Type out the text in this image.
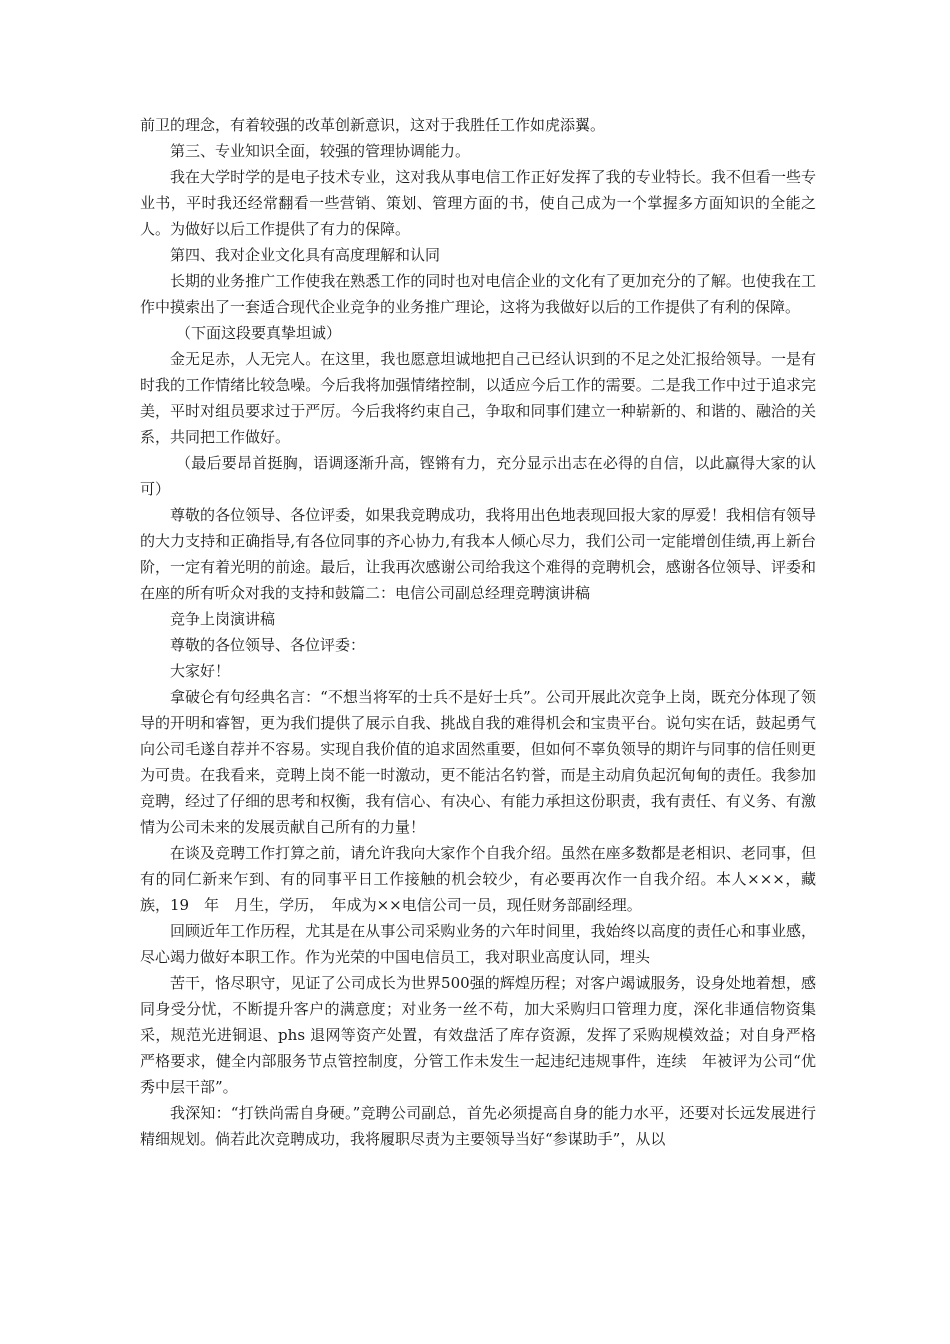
前卫的理念，有着较强的改革创新意识，这对于我胜任工作如虎添翼。

第三、专业知识全面，较强的管理协调能力。

我在大学时学的是电子技术专业，这对我从事电信工作正好发挥了我的专业特长。我不但看一些专业书，平时我还经常翻看一些营销、策划、管理方面的书，使自己成为一个掌握多方面知识的全能之人。为做好以后工作提供了有力的保障。

第四、我对企业文化具有高度理解和认同

长期的业务推广工作使我在熟悉工作的同时也对电信企业的文化有了更加充分的了解。也使我在工作中摸索出了一套适合现代企业竞争的业务推广理论，这将为我做好以后的工作提供了有利的保障。

（下面这段要真挚坦诚）

金无足赤，人无完人。在这里，我也愿意坦诚地把自己已经认识到的不足之处汇报给领导。一是有时我的工作情绪比较急噪。今后我将加强情绪控制，以适应今后工作的需要。二是我工作中过于追求完美，平时对组员要求过于严厉。今后我将约束自己，争取和同事们建立一种崭新的、和谐的、融洽的关系，共同把工作做好。

（最后要昂首挺胸，语调逐渐升高，铿锵有力，充分显示出志在必得的自信，以此赢得大家的认可）

尊敬的各位领导、各位评委，如果我竞聘成功，我将用出色地表现回报大家的厚爱！我相信有领导的大力支持和正确指导,有各位同事的齐心协力,有我本人倾心尽力，我们公司一定能增创佳绩,再上新台阶，一定有着光明的前途。最后，让我再次感谢公司给我这个难得的竞聘机会，感谢各位领导、评委和在座的所有听众对我的支持和鼓篇二：电信公司副总经理竞聘演讲稿

竞争上岗演讲稿

尊敬的各位领导、各位评委：

大家好！

拿破仑有句经典名言：“不想当将军的士兵不是好士兵”。公司开展此次竞争上岗，既充分体现了领导的开明和睿智，更为我们提供了展示自我、挑战自我的难得机会和宝贵平台。说句实在话，鼓起勇气向公司毛遂自荐并不容易。实现自我价值的追求固然重要，但如何不辜负领导的期许与同事的信任则更为可贵。在我看来，竞聘上岗不能一时激动，更不能沽名钓誉，而是主动肩负起沉甸甸的责任。我参加竞聘，经过了仔细的思考和权衡，我有信心、有决心、有能力承担这份职责，我有责任、有义务、有激情为公司未来的发展贡献自己所有的力量！

在谈及竞聘工作打算之前，请允许我向大家作个自我介绍。虽然在座多数都是老相识、老同事，但有的同仁新来乍到、有的同事平日工作接触的机会较少，有必要再次作一自我介绍。本人×××，藏族，19　年　月生，学历，　年成为××电信公司一员，现任财务部副经理。

回顾近年工作历程，尤其是在从事公司采购业务的六年时间里，我始终以高度的责任心和事业感，尽心竭力做好本职工作。作为光荣的中国电信员工，我对职业高度认同，埋头

苦干，恪尽职守，见证了公司成长为世界500强的辉煌历程；对客户竭诚服务，设身处地着想，感同身受分忧，不断提升客户的满意度；对业务一丝不苟，加大采购归口管理力度，深化非通信物资集采，规范光进铜退、phs 退网等资产处置，有效盘活了库存资源，发挥了采购规模效益；对自身严格严格要求，健全内部服务节点管控制度，分管工作未发生一起违纪违规事件，连续　年被评为公司“优秀中层干部”。

我深知：“打铁尚需自身硬。”竞聘公司副总，首先必须提高自身的能力水平，还要对长远发展进行精细规划。倘若此次竞聘成功，我将履职尽责为主要领导当好“参谋助手”，从以
